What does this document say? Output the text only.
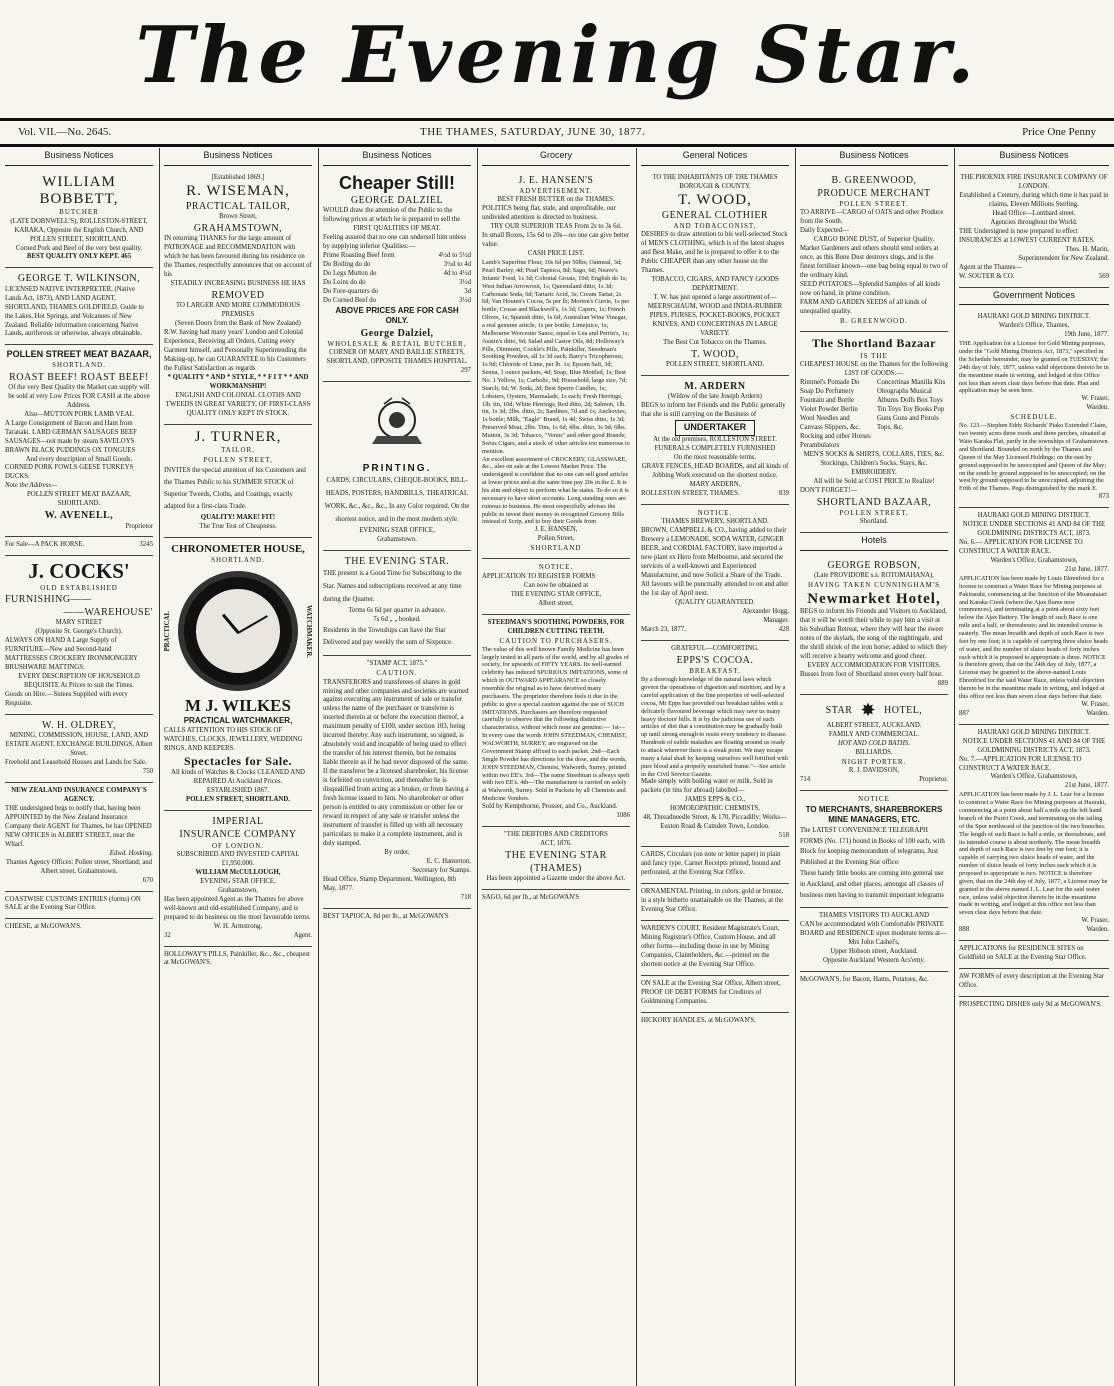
The Evening Star.
Vol. VII.—No. 2645.	THE THAMES, SATURDAY, JUNE 30, 1877.	Price One Penny
Business Notices
WILLIAM BOBBETT,
BUTCHER
(LATE DOBNWELL'S), ROLLESTON-STREET, KARAKA, Opposite the English Church, AND POLLEN STREET, SHORTLAND.
Corned Pork and Beef of the very best quality.
BEST QUALITY ONLY KEPT. 465
GEORGE T. WILKINSON,
LICENSED NATIVE INTERPRETER, (Native Lands Act, 1873), AND LAND AGENT, SHORTLAND, THAMES GOLDFIELD. Guide to the Lakes, Hot Springs, and Volcanoes of New Zealand. Reliable information concerning Native Lands, auriferous or otherwise, always obtainable.
POLLEN STREET MEAT BAZAAR,
SHORTLAND.
ROAST BEEF! ROAST BEEF!
Of the very Best Quality the Market can supply will be sold at very Low Prices FOR CASH at the above Address.
Also—MUTTON PORK LAMB VEAL
A Large Consignment of Bacon and Ham from Taranaki. LARD GERMAN SAUSAGES BEEF SAUSAGES—not made by steam SAVELOYS BRAWN BLACK PUDDINGS OX TONGUES
And every description of Small Goods.
CORNED PORK FOWLS GEESE TURKEYS DUCKS.
Note the Address—
POLLEN STREET MEAT BAZAAR, SHORTLAND.
W. AVENELL,
Proprietor
For Sale—A PACK HORSE.	3245
J. COCKS'
OLD ESTABLISHED
FURNISHING——
——WAREHOUSE'
MARY STREET
(Opposite St. George's Church).
ALWAYS ON HAND A Large Supply of FURNITURE—New and Second-hand MATTRESSES CROCKERY IRONMONGERY BRUSHWARE MATTINGS.
EVERY DESCRIPTION OF HOUSEHOLD REQUISITE At Prices to suit the Times.
Goods on Hire.—Sutees Supplied with every Requisite.
W. H. OLDREY,
MINING, COMMISSION, HOUSE, LAND, AND ESTATE AGENT, EXCHANGE BUILDINGS, Albert Street.
Freehold and Leasehold Houses and Lands for Sale.
750
NEW ZEALAND INSURANCE COMPANY'S AGENCY.
THE undersigned begs to notify that, having been APPOINTED by the New Zealand Insurance Company their AGENT for Thames, he has OPENED NEW OFFICES in ALBERT STREET, near the Wharf.
Edwd. Hosking.
Thames Agency Offices: Pollen street, Shortland; and Albert street, Grahamstown.
670
COASTWISE CUSTOMS ENTRIES (forms) ON SALE at the Evening Star Office.
CHEESE, at McGOWAN'S.
Business Notices
[Established 1869.]
R. WISEMAN,
PRACTICAL TAILOR,
Brown Street,
GRAHAMSTOWN,
IN returning THANKS for the large amount of PATRONAGE and RECOMMENDATION with which he has been favoured during his residence on the Thames, respectfully announces that on account of his
STEADILY INCREASING BUSINESS HE HAS
REMOVED
TO LARGER AND MORE COMMODIOUS PREMISES
(Seven Doors from the Bank of New Zealand)
R.W. having had many years' London and Colonial Experience, Receiving all Orders, Cutting every Garment himself, and Personally Superintending the Making-up, he can GUARANTEE to his Customers the Fullest Satisfaction as regards
* QUALITY * AND * STYLE, * * F I T * * AND WORKMANSHIP!
ENGLISH AND COLONIAL CLOTHS AND TWEEDS IN GREAT VARIETY, OF FIRST-CLASS QUALITY ONLY KEPT IN STOCK.
J. TURNER,
TAILOR,
POLLEN STREET,
INVITES the special attention of his Customers and the Thames Public to his SUMMER STOCK of Superior Tweeds, Cloths, and Coatings, exactly adapted for a first-class Trade.
QUALITY! MAKE! FIT!
The True Test of Cheapness.
CHRONOMETER HOUSE,
SHORTLAND.
PRACTICAL	WATCHMAKER.
M J. WILKES
PRACTICAL WATCHMAKER,
CALLS ATTENTION TO HIS STOCK OF WATCHES, CLOCKS, JEWELLERY, WEDDING RINGS, AND KEEPERS.
Spectacles for Sale.
All kinds of Watches & Clocks CLEANED AND REPAIRED At Auckland Prices.
ESTABLISHED 1867.
POLLEN STREET, SHORTLAND.
IMPERIAL
INSURANCE COMPANY
OF LONDON.
SUBSCRIBED AND INVESTED CAPITAL £1,950,000.
WILLIAM McCULLOUGH,
EVENING STAR OFFICE,
Grahamstown,
Has been appointed Agent as the Thames for above well-known and old-established Company, and is prepared to do business on the most favourable terms.
W. H. Armstrong,
32	Agent.
HOLLOWAY'S PILLS, Painkiller, &c., &c., cheapest at McGOWAN'S.
Business Notices
Cheaper Still!
GEORGE DALZIEL
WOULD draw the attention of the Public to the following prices at which he is prepared to sell the
FIRST QUALITIES OF MEAT.
Feeling assured that no one can undersell him unless by supplying inferior Qualities:—
Prime Roasting Beef from	4½d to 5½d
Do Boiling do do	3½d to 4d
Do Legs Mutton do	4d to 4½d
Do Loins do do	3½d
Do Fore-quarters do	3d
Do Corned Beef do	3½d
ABOVE PRICES ARE FOR CASH ONLY.
George Dalziel,
WHOLESALE & RETAIL BUTCHER,
CORNER OF MARY AND BAILLIE STREETS, SHORTLAND, OPPOSITE THAMES HOSPITAL.
297
PRINTING.
CARDS, CIRCULARS, CHEQUE-BOOKS, BILL-HEADS, POSTERS, HANDBILLS, THEATRICAL WORK, &c., &c., &c., In any Color required, On the shortest notice, and in the most modern style.
EVENING STAR OFFICE,
Grahamstown.
THE EVENING STAR.
THE present is a Good Time for Subscribing to the Star. Names and subscriptions received at any time during the Quarter.
Terms 6s 6d per quarter in advance.
7s 6d „ „ booked.
Residents in the Townships can have the Star Delivered and pay weekly the sum of Sixpence.
"STAMP ACT, 1875."
CAUTION.
TRANSFERORS and transferees of shares in gold mining and other companies and societies are warned against executing any instrument of sale or transfer unless the name of the purchaser or transferee is inserted therein at or before the execution thereof, a maximum penalty of £100, under section 103, being incurred thereby. Any such instrument, so signed, is absolutely void and incapable of being used to effect the transfer of his interest therein, but he remains liable therein as if he had never disposed of the same. If the transferor be a licensed sharebroker, his license is forfeited on conviction, and thereafter he is disqualified from acting as a broker, or from having a fresh license issued to him. No sharebroker or other person is entitled to any commission or other fee or reward in respect of any sale or transfer unless the instrument of transfer is filled up with all necessary particulars to make it a complete instrument, and is duly stamped.
By order,
E. C. Hamerton,
Secretary for Stamps.
Head Office, Stamp Department, Wellington, 8th May, 1877.
718
BEST TAPIOCA, 8d per lb., at McGOWAN'S
Grocery
J. E. HANSEN'S
ADVERTISEMENT.
BEST FRESH BUTTER on the THAMES.
POLITICS being flat, stale, and unprofitable, our undivided attention is directed to business.
TRY OUR SUPERIOR TEAS From 2s to 3s 6d.
In small Boxes, 15s 6d to 20s—no one can give better value.
CASH PRICE LIST.
Lamb's Superfine Flour, 10s 6d per 50lbs; Oatmeal, 3d; Pearl Barley, 4d; Pearl Tapioca, 8d; Sago, 6d; Neave's Infants' Food, 1s 3d; Colonial Groats, 10d; English do 1s; West Indian Arrowroot, 1s; Queensland ditto, 1s 3d; Carbonate Soda, 6d; Tartaric Acid, 3s; Cream Tartar, 2s 6d; Van Houten's Cocoa, 5s per lb; Morton's Currie, 1s per bottle; Crosse and Blackwell's, 1s 3d; Capers, 1s; French Olives, 1s; Spanish ditto, 1s 6d; Australian Wine Vinegar, a real genuine article, 1s per bottle; Limejuice, 1s; Melbourne Worcester Sauce, equal to Lea and Perrin's, 1s; Austin's ditto, 9d; Salad and Castor Oils, 8d; Holloway's Pills, Ointment, Cockle's Pills, Painkiller, Steedman's Soothing Powders, all 1s 3d each; Barry's Tricopherous, 1s 9d; Chloride of Lime, per lb. 1s; Epsom Salt, 3d; Senna, 1 ounce packets, 4d; Soap, Blue Mottled, 1s; Best No. 1 Yellow, 1s; Carbolic, 9d; Household, large size, 7d; Starch, 6d; W. Soda, 2d; Best Sperm Candles, 1s; Lobsters, Oysters, Marmalade, 1s each; Fresh Herrings, 1lb. tin, 10d; White Herrings, Red ditto, 2d; Salmon, 1lb. tin, 1s 3d; 2lbs. ditto, 2s; Sardines, 7d and 1s; Anchovies, 1s bottle; Milk, "Eagle" Brand, 1s 4d; Swiss ditto, 1s 3d; Preserved Meat, 2lbs. Tins, 1s 6d; 4lbs. ditto, 3s 9d; 6lbs. Mutton, 3s 3d; Tobacco, "Venus" and other good Brands; Swiss Cigars, and a stock of other articles too numerous to mention.
An excellent assortment of CROCKERY, GLASSWARE, &c., also on sale at the Lowest Market Price. The undersigned is confident that no one can sell good articles at lower prices and at the same time pay 20s in the £. It is his aim and object to perform what he states. To do so it is necessary to have short accounts. Long standing ones are ruinous to business. He most respectfully advises the public to invest their money in recognized Grocery Bills instead of Scrip, and to buy their Goods from
J. E. HANSEN,
Pollen Street,
SHORTLAND
NOTICE.
APPLICATION TO REGISTER FORMS
Can now be obtained at
THE EVENING STAR OFFICE,
Albert street.
STEEDMAN'S SOOTHING POWDERS, FOR CHILDREN CUTTING TEETH.
CAUTION TO PURCHASERS.
The value of this well known Family Medicine has been largely tested in all parts of the world, and by all grades of society, for upwards of FIFTY YEARS. Its well-earned celebrity has induced SPURIOUS IMITATIONS, some of which in OUTWARD APPEARANCE so closely resemble the original as to have deceived many purchasers. The proprietor therefore feels it due to the public to give a special caution against the use of SUCH IMITATIONS. Purchasers are therefore requested carefully to observe that the following distinctive characteristics, without which none are genuine:— 1st—In every case the words JOHN STEEDMAN, CHEMIST, WALWORTH, SURREY, are engraved on the Government Stamp affixed to each packet. 2nd—Each Single Powder has directions for the dose, and the words, JOHN STEEDMAN, Chemist, Walworth, Surrey, printed within two EE's. 3rd—The name Steedman is always spelt with two EE's. 4th—The manufacture is carried on solely at Walworth, Surrey. Sold in Packets by all Chemists and Medicine Vendors.
Sold by Kempthorne, Prosser, and Co., Auckland.
1086
"THE DEBTORS AND CREDITORS
ACT, 1876.
THE EVENING STAR (THAMES)
Has been appointed a Gazette under the above Act.
SAGO, 6d per lb., at McGOWAN'S
General Notices
TO THE INHABITANTS OF THE THAMES BOROUGH & COUNTY.
T. WOOD,
GENERAL CLOTHIER
AND TOBACCONIST,
DESIRES to draw attention to his well-selected Stock of MEN'S CLOTHING, which is of the latest shapes and Best Make, and he is prepared to offer it to the Public CHEAPER than any other house on the Thames.
TOBACCO, CIGARS, AND FANCY GOODS DEPARTMENT.
T. W. has just opened a large assortment of— MEERSCHAUM, WOOD and INDIA-RUBBER PIPES, PURSES, POCKET-BOOKS, POCKET KNIVES, AND CONCERTINAS IN LARGE VARIETY.
The Best Cut Tobacco on the Thames.
T. WOOD,
POLLEN STREET, SHORTLAND.
M. ARDERN
(Widow of the late Joseph Ardern)
BEGS to inform her Friends and the Public generally that she is still carrying on the Business of
UNDERTAKER
At the old premises, ROLLESTON STREET.
FUNERALS COMPLETELY FURNISHED
On the most reasonable terms.
GRAVE FENCES, HEAD BOARDS, and all kinds of Jobbing Work executed on the shortest notice.
MARY ARDERN,
ROLLESTON STREET, THAMES.	839
NOTICE.
THAMES BREWERY, SHORTLAND.
BROWN, CAMPBELL & CO., having added to their Brewery a LEMONADE, SODA WATER, GINGER BEER, and CORDIAL FACTORY, have imported a new plant ex Hero from Melbourne, and secured the services of a well-known and Experienced Manufacturer, and now Solicit a Share of the Trade. All favours will be punctually attended to on and after the 1st day of April next.
QUALITY GUARANTEED.
Alexander Hogg,
Manager.
March 23, 1877.	428
GRATEFUL—COMFORTING.
EPPS'S COCOA.
BREAKFAST.
By a thorough knowledge of the natural laws which govern the operations of digestion and nutrition, and by a careful application of the fine properties of well-selected cocoa, Mr Epps has provided our breakfast tables with a delicately flavoured beverage which may save us many heavy doctors' bills. It is by the judicious use of such articles of diet that a constitution may be gradually built up until strong enough to resist every tendency to disease. Hundreds of subtle maladies are floating around us ready to attack wherever there is a weak point. We may escape many a fatal shaft by keeping ourselves well fortified with pure blood and a properly nourished frame."—See article in the Civil Service Gazette.
Made simply with boiling water or milk. Sold in packets (in tins for abroad) labelled—
JAMES EPPS & CO.,
HOMOEOPATHIC CHEMISTS,
48, Threadneedle Street, & 170, Piccadilly; Works—Euston Road & Camden Town, London.
518
CARDS, Circulars (on note or letter paper) in plain and fancy type. Carnet Receipts printed, bound and perforated, at the Evening Star Office.
ORNAMENTAL Printing, in colors, gold or bronze, in a style hitherto unattainable on the Thames, at the Evening Star Office.
WARDEN'S COURT, Resident Magistrate's Court, Mining Registrar's Office, Custom House, and all other forms—including those in use by Mining Companies, Claimholders, &c.—printed on the shortest notice at the Evening Star Office.
ON SALE at the Evening Star Office, Albert street, PROOF OF DEBT FORMS for Creditors of Goldmining Companies.
HICKORY HANDLES, at McGOWAN'S.
Business Notices
B. GREENWOOD,
PRODUCE MERCHANT
POLLEN STREET.
TO ARRIVE—CARGO of OATS and other Produce from the South.
Daily Expected—
CARGO BONE DUST, of Superior Quality.
Market Gardeners and others should send orders at once, as this Bone Dust destroys slugs, and is the finest fertiliser known—one bag being equal to two of the ordinary kind.
SEED POTATOES—Splendid Samples of all kinds now on hand, in prime condition.
FARM AND GARDEN SEEDS of all kinds of unequalled quality.
B. GREENWOOD.
The Shortland Bazaar
IS THE
CHEAPEST HOUSE on the Thames for the following
LIST OF GOODS:—
Rimmel's Pomade Do Soap Do Perfumery Fountain and Bottle Violet Powder Berlin Wool Needles and Canvass Slippers, &c. Rocking and other Horses Perambulators
Concertinas Manilla Kits Oleographs Musical Albums Dolls Box Toys Tin Toys Toy Books Pop Guns Guns and Pistols Tops, &c.
MEN'S SOCKS & SHIRTS, COLLARS, TIES, &c.
Stockings, Children's Socks, Stays, &c. EMBROIDERY.
All will be Sold at COST PRICE to Realize!
DON'T FORGET!—
SHORTLAND BAZAAR,
POLLEN STREET,
Shortland.
Hotels
GEORGE ROBSON,
(Late PROVIDORE s.s. ROTOMAHANA),
HAVING TAKEN CUNNINGHAM'S
Newmarket Hotel,
BEGS to inform his Friends and Visitors to Auckland, that it will be worth their while to pay him a visit at his Suburban Retreat, where they will hear the sweet notes of the skylark, the song of the nightingale, and the shrill shriek of the iron horse; added to which they will receive a hearty welcome and good cheer.
EVERY ACCOMMODATION FOR VISITORS.
Busses from foot of Shortland street every half hour.
889
STAR ✸ HOTEL,
ALBERT STREET, AUCKLAND.
FAMILY AND COMMERCIAL.
HOT AND COLD BATHS.
BILLIARDS.
NIGHT PORTER.
R. J. DAVIDSON,
714	Proprietor.
NOTICE
TO MERCHANTS, SHAREBROKERS MINE MANAGERS, ETC.
The LATEST CONVENIENCE TELEGRAPH FORMS (No. 171) bound in Books of 100 each, with Block for keeping memorandum of telegrams, Just Published at the Evening Star office.
These handy little books are coming into general use in Auckland, and other places, amongst all classes of business men having to transmit important telegrams
THAMES VISITORS TO AUCKLAND
CAN be accommodated with Comfortable PRIVATE BOARD and RESIDENCE upon moderate terms at—
Mrs John Cashel's,
Upper Hobson street, Auckland.
Opposite Auckland Western Acs'emy.
McGOWAN'S, for Bacon, Hams, Potatoes, &c.
Business Notices
THE PHOENIX FIRE INSURANCE COMPANY OF LONDON.
Established a Century, during which time it has paid in claims, Eleven Millions Sterling.
Head Office—Lombard street.
Agencies throughout the World.
THE Undersigned is now prepared to effect INSURANCES at LOWEST CURRENT RATES.
Thos. H. Marin,
Superintendent for New Zealand.
Agent at the Thames—
W. SOUTER & CO.	569
Government Notices
HAURAKI GOLD MINING DISTRICT.
Warden's Office, Thames,
19th June, 1877.
THE Application for a License for Gold Mining purposes, under the "Gold Mining Districts Act, 1873," specified in the Schedule hereunder, may be granted on TUESDAY, the 24th day of July, 1877, unless valid objections thereto be in the meantime made in writing, and lodged at this Office not less than seven clear days before that date. Plan and application may be seen here.
W. Fraser,
Warden.
SCHEDULE.
No. 123.—Stephen Eddy Richards' Piako Extended Claim, two twenty acres three roods and three perches, situated at Waio Karaka Flat, partly in the townships of Grahamstown and Shortland. Bounded on north by the Thames and Queen of the May Licensed Holdings; on the east by ground supposed to be unoccupied and Queen of the May; on the south by ground supposed to be unoccupied; on the west by ground supposed to be unoccupied, adjoining the Frith of the Thames. Pegs distinguished by the mark E.
873
HAURAKI GOLD MINING DISTRICT.
NOTICE UNDER SECTIONS 41 AND 84 OF THE GOLDMINING DISTRICTS ACT, 1873.
No. 6.— APPLICATION FOR LICENSE TO CONSTRUCT A WATER RACE.
Warden's Office, Grahamstown,
21st June, 1877.
APPLICATION has been made by Louis Ehrenfried for a license to construct a Water Race for Mining purposes at Pakirarahi, commencing at the Junction of the Moanataiari and Karaka Creek (where the Ajax flume now commences), and terminating at a point about sixty feet below the Ajax Battery. The length of such Race is one mile and a half, or thereabouts; and its intended course is easterly. The mean breadth and depth of such Race is two feet by one foot; it is capable of carrying three sluice heads of water, and the number of sluice heads of forty inches each which it is proposed to appropriate is three. NOTICE is therefore given, that on the 24th day of July, 1877, a License may be granted to the above-named Louis Ehrenfried for the said Water Race, unless valid objection thereto be in the meantime made in writing, and lodged at this office not less than seven clear days before that date.
W. Fraser,
887	Warden.
HAURAKI GOLD MINING DISTRICT.
NOTICE UNDER SECTIONS 41 AND 84 OF THE GOLDMINING DISTRICTS ACT, 1873.
No. 7.—APPLICATION FOR LICENSE TO CONSTRUCT A WATER RACE.
Warden's Office, Grahamstown,
21st June, 1877.
APPLICATION has been made by J. L. Lear for a license to construct a Water Race for Mining purposes at Hauraki, commencing at a point about half a mile up the left hand branch of the Puriri Creek, and terminating on the tailing of the Spur northward of the junction of the two branches. The length of such Race is half a mile, or thereabouts, and its intended course is about northerly. The mean breadth and depth of such Race is two feet by one foot; it is capable of carrying two sluice heads of water, and the number of sluice heads of forty inches each which it is proposed to appropriate is two. NOTICE is therefore given, that on the 24th day of July, 1877, a License may be granted to the above named J. L. Lear for the said water race, unless valid objection thereto be in the meantime made in writing, and lodged at this office not less than seven clear days before that date.
W. Fraser,
888	Warden.
APPLICATIONS for RESIDENCE SITES on Goldfield on SALE at the Evening Star Office.
AW FORMS of every description at the Evening Star Office.
PROSPECTING DISHES only 9d at McGOWAN'S.
